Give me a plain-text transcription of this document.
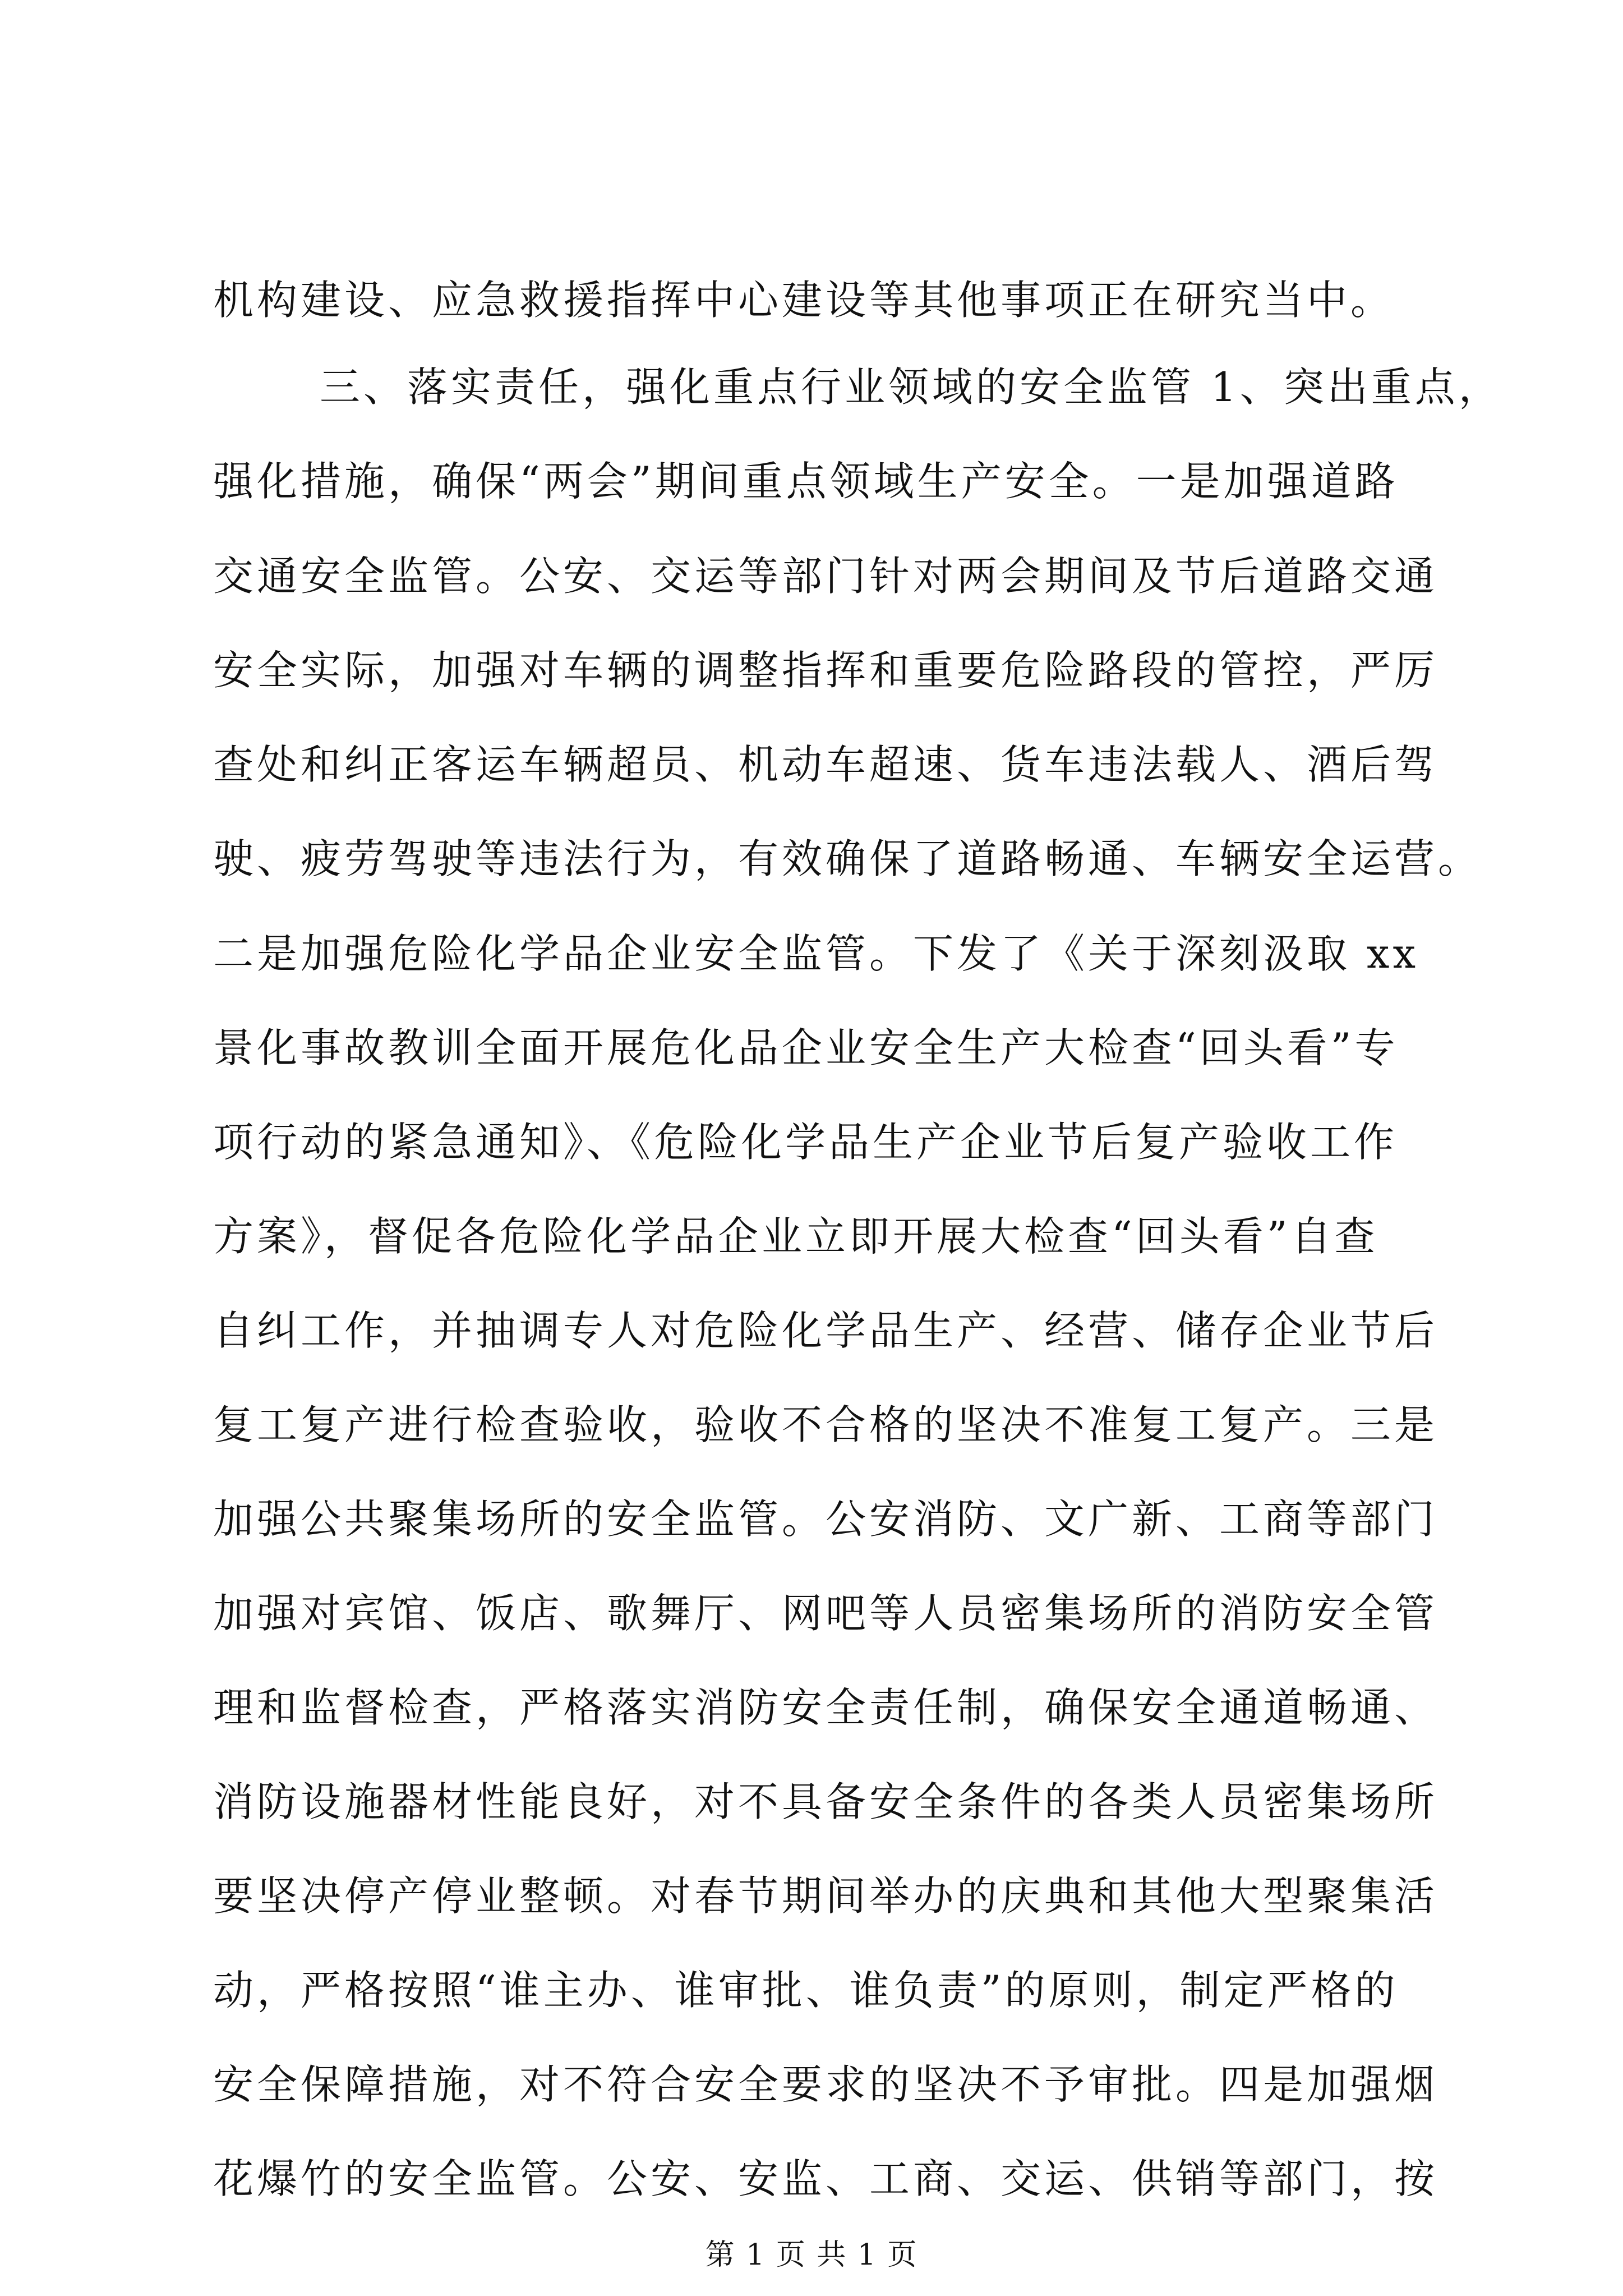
机构建设、应急救援指挥中心建设等其他事项正在研究当中。
三、落实责任，强化重点行业领域的安全监管 1、突出重点，
强化措施，确保“两会”期间重点领域生产安全。一是加强道路
交通安全监管。公安、交运等部门针对两会期间及节后道路交通
安全实际，加强对车辆的调整指挥和重要危险路段的管控，严厉
查处和纠正客运车辆超员、机动车超速、货车违法载人、酒后驾
驶、疲劳驾驶等违法行为，有效确保了道路畅通、车辆安全运营。
二是加强危险化学品企业安全监管。下发了《关于深刻汲取 xx
景化事故教训全面开展危化品企业安全生产大检查“回头看”专
项行动的紧急通知》、《危险化学品生产企业节后复产验收工作
方案》，督促各危险化学品企业立即开展大检查“回头看”自查
自纠工作，并抽调专人对危险化学品生产、经营、储存企业节后
复工复产进行检查验收，验收不合格的坚决不准复工复产。三是
加强公共聚集场所的安全监管。公安消防、文广新、工商等部门
加强对宾馆、饭店、歌舞厅、网吧等人员密集场所的消防安全管
理和监督检查，严格落实消防安全责任制，确保安全通道畅通、
消防设施器材性能良好，对不具备安全条件的各类人员密集场所
要坚决停产停业整顿。对春节期间举办的庆典和其他大型聚集活
动，严格按照“谁主办、谁审批、谁负责”的原则，制定严格的
安全保障措施，对不符合安全要求的坚决不予审批。四是加强烟
花爆竹的安全监管。公安、安监、工商、交运、供销等部门，按
第 1 页 共 1 页
